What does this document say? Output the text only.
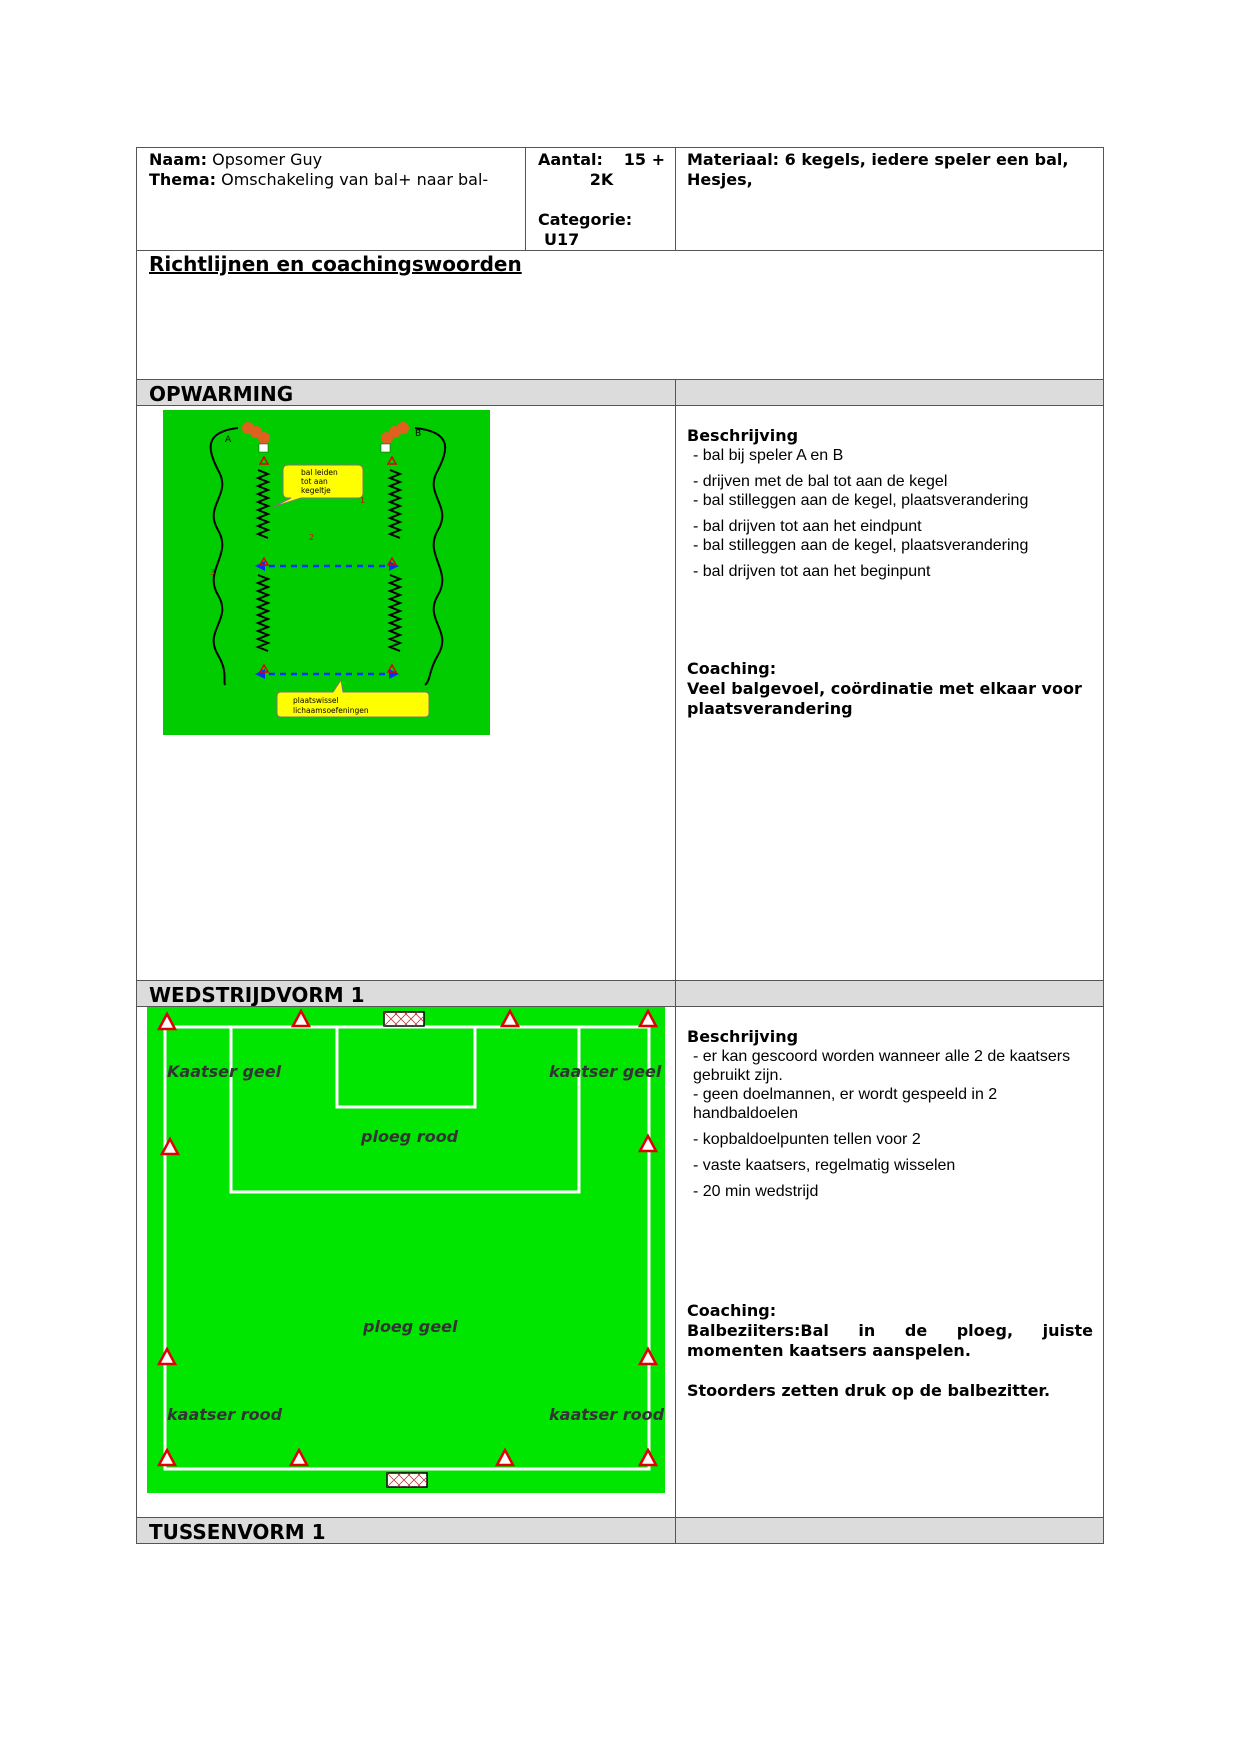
Naam: Opsomer Guy
Thema: Omschakeling van bal+ naar bal-
Aantal: 15 +
2K
Categorie:
U17
Materiaal: 6 kegels, iedere speler een bal,
Hesjes,
Richtlijnen en coachingswoorden
OPWARMING
A
B
1
2
3
bal leiden
tot aan
kegeltje
plaatswissel
lichaamsoefeningen
Beschrijving
- bal bij speler A en B
- drijven met de bal tot aan de kegel
- bal stilleggen aan de kegel, plaatsverandering
- bal drijven tot aan het eindpunt
- bal stilleggen aan de kegel, plaatsverandering
- bal drijven tot aan het beginpunt
Coaching:
Veel balgevoel, coördinatie met elkaar voor plaatsverandering
WEDSTRIJDVORM 1
Kaatser geel	kaatser geel
ploeg rood
ploeg geel
kaatser rood	kaatser rood
Beschrijving
- er kan gescoord worden wanneer alle 2 de kaatsers gebruikt zijn.
- geen doelmannen, er wordt gespeeld in 2 handbaldoelen
- kopbaldoelpunten tellen voor 2
- vaste kaatsers, regelmatig wisselen
- 20 min wedstrijd
Coaching:
Balbeziiters:Bal in de ploeg, juiste momenten kaatsers aanspelen.
Stoorders zetten druk op de balbezitter.
TUSSENVORM 1
